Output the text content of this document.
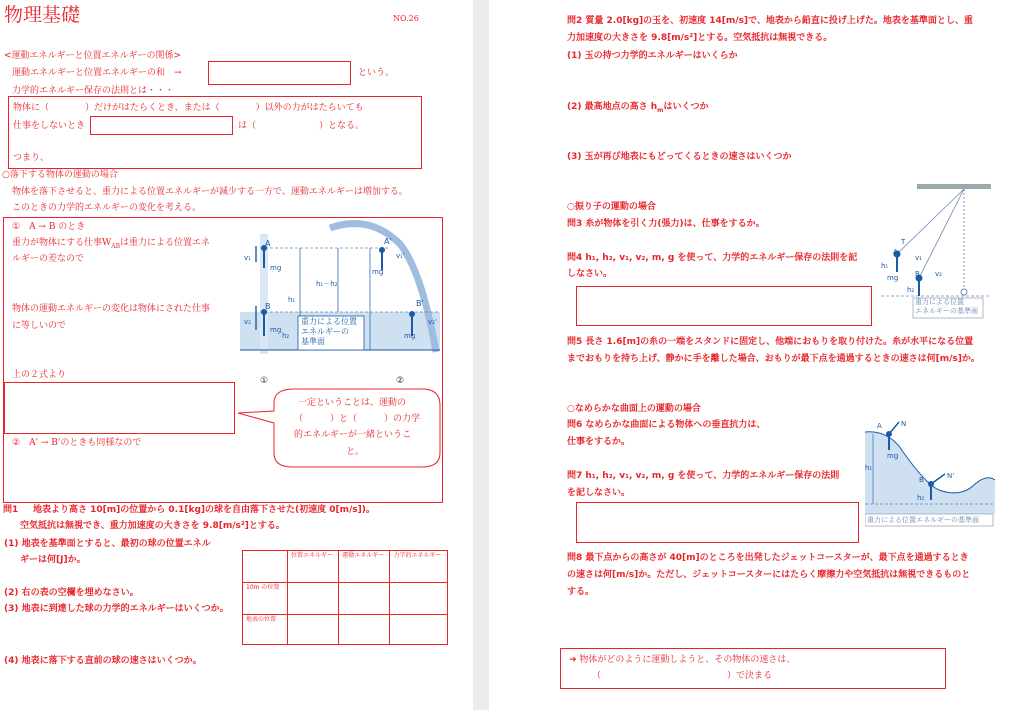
物理基礎	NO.26
<運動エネルギーと位置エネルギーの関係>
運動エネルギーと位置エネルギーの和　→	という。
力学的エネルギー保存の法則とは・・・
物体に（　　　　）だけがはたらくとき、または（　　　　）以外の力がはたらいても
仕事をしないとき	は（　　　　　　　）となる。
つまり、
○落下する物体の運動の場合
物体を落下させると、重力による位置エネルギーが減少する一方で、運動エネルギーは増加する。
このときの力学的エネルギーの変化を考える。
①　A → B のとき
重力が物体にする仕事$W_{AB}$は重力による位置エネ
ルギーの差なので
物体の運動エネルギーの変化は物体にされた仕事
に等しいので
上の２式より
②　A' → B'のときも同様なので
一定ということは、運動の
（　　　）と（　　　）の力学
的エネルギーが一緒というこ
と。
A
B
A'
B'
v₁
v₂
v₁'
v₂'
mg
mg
mg
mg
h₁
h₂
h₁－h₂
重力による位置
エネルギーの
基準面
①	②
問1 地表より高さ 10[m]の位置から 0.1[kg]の球を自由落下させた(初速度 0[m/s])。
空気抵抗は無視でき、重力加速度の大きさを 9.8[m/s²]とする。
(1) 地表を基準面とすると、最初の球の位置エネル
ギーは何[J]か。
(2) 右の表の空欄を埋めなさい。
(3) 地表に到達した球の力学的エネルギーはいくつか。
(4) 地表に落下する直前の球の速さはいくつか。
	位置エネルギー	運動エネルギー	力学的エネルギー
10m の位置			
地表の位置			
問2 質量 2.0[kg]の玉を、初速度 14[m/s]で、地表から鉛直に投げ上げた。地表を基準面とし、重
力加速度の大きさを 9.8[m/s²]とする。空気抵抗は無視できる。
(1) 玉の持つ力学的エネルギーはいくらか
(2) 最高地点の高さ $h_m$はいくつか
(3) 玉が再び地表にもどってくるときの速さはいくつか
○振り子の運動の場合
問3 糸が物体を引く力(張力)は、仕事をするか。
問4 h₁, h₂, v₁, v₂, m, g を使って、力学的エネルギー保存の法則を記
しなさい。
A
B
T
mg
h₁
h₂
v₁
v₂
重力による位置
エネルギーの基準面
問5 長さ 1.6[m]の糸の一端をスタンドに固定し、他端におもりを取り付けた。糸が水平になる位置
までおもりを持ち上げ、静かに手を離した場合、おもりが最下点を通過するときの速さは何[m/s]か。
○なめらかな曲面上の運動の場合
問6 なめらかな曲面による物体への垂直抗力は、
仕事をするか。
A
B
N
N'
mg
h₁
h₂
重力による位置エネルギーの基準面
問7 h₁, h₂, v₁, v₂, m, g を使って、力学的エネルギー保存の法則
を記しなさい。
問8 最下点からの高さが 40[m]のところを出発したジェットコースターが、最下点を通過するとき
の速さは何[m/s]か。ただし、ジェットコースターにはたらく摩擦力や空気抵抗は無視できるものと
する。
➔ 物体がどのように運動しようと、その物体の速さは、
（　　　　　　　　　　　　　　）で決まる
